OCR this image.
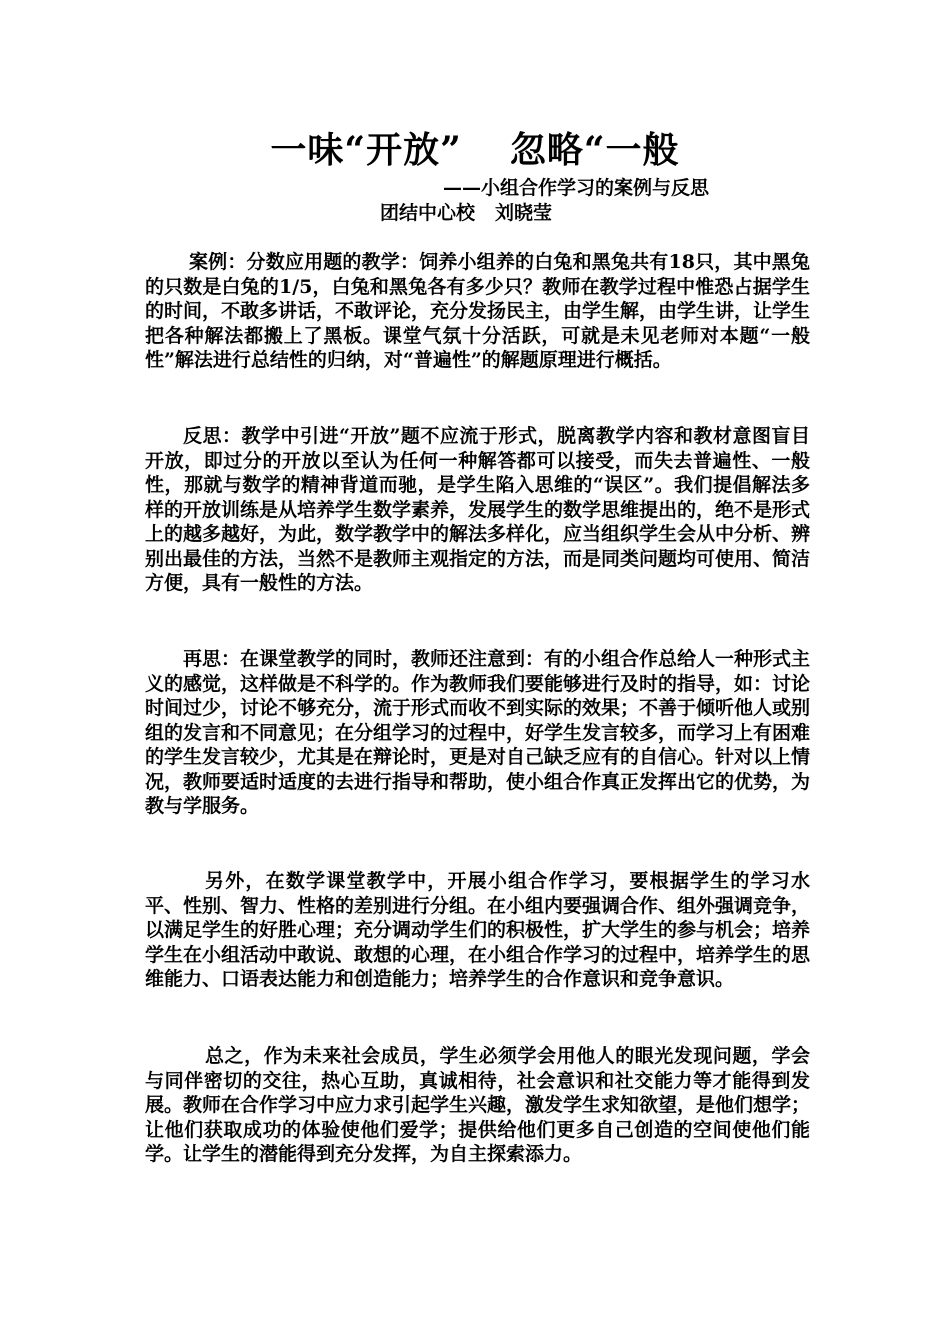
一味“开放” 忽略“一般

——小组合作学习的案例与反思

团结中心校 刘晓莹

案例：分数应用题的教学：饲养小组养的白兔和黑兔共有18只，其中黑兔的只数是白兔的1/5，白兔和黑兔各有多少只？教师在教学过程中惟恐占据学生的时间，不敢多讲话，不敢评论，充分发扬民主，由学生解，由学生讲，让学生把各种解法都搬上了黑板。课堂气氛十分活跃，可就是未见老师对本题“一般性”解法进行总结性的归纳，对“普遍性”的解题原理进行概括。

反思：教学中引进“开放”题不应流于形式，脱离教学内容和教材意图盲目开放，即过分的开放以至认为任何一种解答都可以接受，而失去普遍性、一般性，那就与数学的精神背道而驰，是学生陷入思维的“误区”。我们提倡解法多样的开放训练是从培养学生数学素养，发展学生的数学思维提出的，绝不是形式上的越多越好，为此，数学教学中的解法多样化，应当组织学生会从中分析、辨别出最佳的方法，当然不是教师主观指定的方法，而是同类问题均可使用、简洁方便，具有一般性的方法。

再思：在课堂教学的同时，教师还注意到：有的小组合作总给人一种形式主义的感觉，这样做是不科学的。作为教师我们要能够进行及时的指导，如：讨论时间过少，讨论不够充分，流于形式而收不到实际的效果；不善于倾听他人或别组的发言和不同意见；在分组学习的过程中，好学生发言较多，而学习上有困难的学生发言较少，尤其是在辩论时，更是对自己缺乏应有的自信心。针对以上情况，教师要适时适度的去进行指导和帮助，使小组合作真正发挥出它的优势，为教与学服务。

另外，在数学课堂教学中，开展小组合作学习，要根据学生的学习水平、性别、智力、性格的差别进行分组。在小组内要强调合作、组外强调竞争，以满足学生的好胜心理；充分调动学生们的积极性，扩大学生的参与机会；培养学生在小组活动中敢说、敢想的心理，在小组合作学习的过程中，培养学生的思维能力、口语表达能力和创造能力；培养学生的合作意识和竞争意识。

总之，作为未来社会成员，学生必须学会用他人的眼光发现问题，学会与同伴密切的交往，热心互助，真诚相待，社会意识和社交能力等才能得到发展。教师在合作学习中应力求引起学生兴趣，激发学生求知欲望，是他们想学；让他们获取成功的体验使他们爱学；提供给他们更多自己创造的空间使他们能学。让学生的潜能得到充分发挥，为自主探索添力。
